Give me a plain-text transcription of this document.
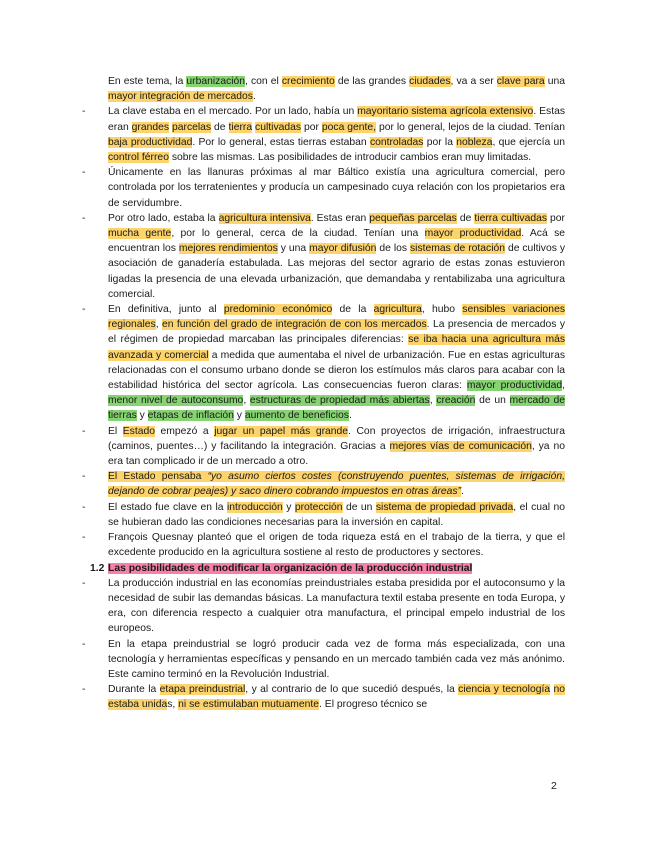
En este tema, la urbanización, con el crecimiento de las grandes ciudades, va a ser clave para una mayor integración de mercados.

- La clave estaba en el mercado. Por un lado, había un mayoritario sistema agrícola extensivo. Estas eran grandes parcelas de tierra cultivadas por poca gente, por lo general, lejos de la ciudad. Tenían baja productividad. Por lo general, estas tierras estaban controladas por la nobleza, que ejercía un control férreo sobre las mismas. Las posibilidades de introducir cambios eran muy limitadas.

- Únicamente en las llanuras próximas al mar Báltico existía una agricultura comercial, pero controlada por los terratenientes y producía un campesinado cuya relación con los propietarios era de servidumbre.

- Por otro lado, estaba la agricultura intensiva. Estas eran pequeñas parcelas de tierra cultivadas por mucha gente, por lo general, cerca de la ciudad. Tenían una mayor productividad. Acá se encuentran los mejores rendimientos y una mayor difusión de los sistemas de rotación de cultivos y asociación de ganadería estabulada. Las mejoras del sector agrario de estas zonas estuvieron ligadas la presencia de una elevada urbanización, que demandaba y rentabilizaba una agricultura comercial.

- En definitiva, junto al predominio económico de la agricultura, hubo sensibles variaciones regionales, en función del grado de integración de con los mercados. La presencia de mercados y el régimen de propiedad marcaban las principales diferencias: se iba hacia una agricultura más avanzada y comercial a medida que aumentaba el nivel de urbanización. Fue en estas agriculturas relacionadas con el consumo urbano donde se dieron los estímulos más claros para acabar con la estabilidad histórica del sector agrícola. Las consecuencias fueron claras: mayor productividad, menor nivel de autoconsumo, estructuras de propiedad más abiertas, creación de un mercado de tierras y etapas de inflación y aumento de beneficios.

- El Estado empezó a jugar un papel más grande. Con proyectos de irrigación, infraestructura (caminos, puentes…) y facilitando la integración. Gracias a mejores vías de comunicación, ya no era tan complicado ir de un mercado a otro.

- El Estado pensaba “yo asumo ciertos costes (construyendo puentes, sistemas de irrigación, dejando de cobrar peajes) y saco dinero cobrando impuestos en otras áreas”.

- El estado fue clave en la introducción y protección de un sistema de propiedad privada, el cual no se hubieran dado las condiciones necesarias para la inversión en capital.

- François Quesnay planteó que el origen de toda riqueza está en el trabajo de la tierra, y que el excedente producido en la agricultura sostiene al resto de productores y sectores.

1.2 Las posibilidades de modificar la organización de la producción industrial

- La producción industrial en las economías preindustriales estaba presidida por el autoconsumo y la necesidad de subir las demandas básicas. La manufactura textil estaba presente en toda Europa, y era, con diferencia respecto a cualquier otra manufactura, el principal empelo industrial de los europeos.

- En la etapa preindustrial se logró producir cada vez de forma más especializada, con una tecnología y herramientas específicas y pensando en un mercado también cada vez más anónimo. Este camino terminó en la Revolución Industrial.

- Durante la etapa preindustrial, y al contrario de lo que sucedió después, la ciencia y tecnología no estaba unidas, ni se estimulaban mutuamente. El progreso técnico se

2
